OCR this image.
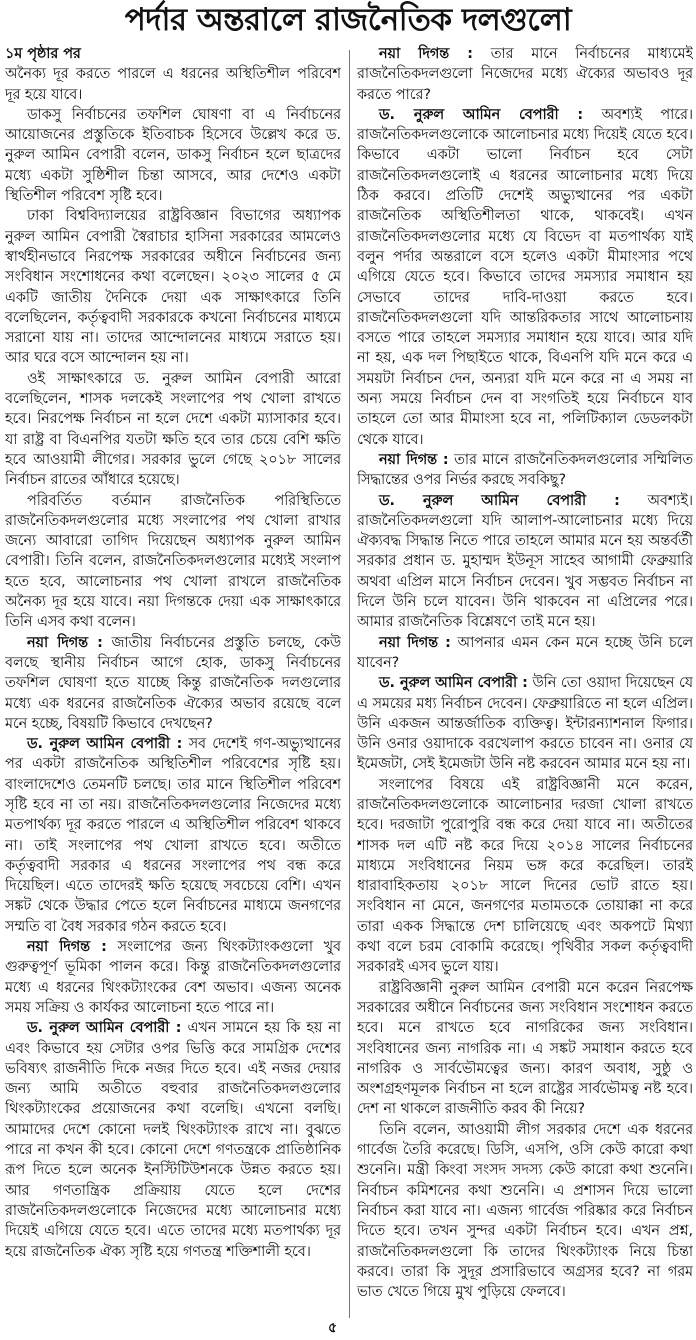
পর্দার অন্তরালে রাজনৈতিক দলগুলো

১ম পৃষ্ঠার পর

অনৈক্য দূর করতে পারলে এ ধরনের অস্থিতিশীল পরিবেশ দূর হয়ে যাবে।

ডাকসু নির্বাচনের তফশিল ঘোষণা বা এ নির্বাচনের আয়োজনের প্রস্তুতিকে ইতিবাচক হিসেবে উল্লেখ করে ড. নুরুল আমিন বেপারী বলেন, ডাকসু নির্বাচন হলে ছাত্রদের মধ্যে একটা সুষ্ঠিশীল চিন্তা আসবে, আর দেশেও একটা স্থিতিশীল পরিবেশ সৃষ্টি হবে।

ঢাকা বিশ্ববিদ্যালয়ের রাষ্ট্রবিজ্ঞান বিভাগের অধ্যাপক নুরুল আমিন বেপারী স্বৈরাচার হাসিনা সরকারের আমলেও স্বার্থহীনভাবে নিরপেক্ষ সরকারের অধীনে নির্বাচনের জন্য সংবিধান সংশোধনের কথা বলেছেন। ২০২৩ সালের ৫ মে একটি জাতীয় দৈনিকে দেয়া এক সাক্ষাৎকারে তিনি বলেছিলেন, কর্তৃত্ববাদী সরকারকে কখনো নির্বাচনের মাধ্যমে সরানো যায় না। তাদের আন্দোলনের মাধ্যমে সরাতে হয়। আর ঘরে বসে আন্দোলন হয় না।

ওই সাক্ষাৎকারে ড. নুরুল আমিন বেপারী আরো বলেছিলেন, শাসক দলকেই সংলাপের পথ খোলা রাখতে হবে। নিরপেক্ষ নির্বাচন না হলে দেশে একটা ম্যাসাকার হবে। যা রাষ্ট্র বা বিএনপির যতটা ক্ষতি হবে তার চেয়ে বেশি ক্ষতি হবে আওয়ামী লীগের। সরকার ভুলে গেছে ২০১৮ সালের নির্বাচন রাতের আঁধারে হয়েছে।

পরিবর্তিত বর্তমান রাজনৈতিক পরিস্থিতিতে রাজনৈতিকদলগুলোর মধ্যে সংলাপের পথ খোলা রাখার জন্যে আবারো তাগিদ দিয়েছেন অধ্যাপক নুরুল আমিন বেপারী। তিনি বলেন, রাজনৈতিকদলগুলোর মধ্যেই সংলাপ হতে হবে, আলোচনার পথ খোলা রাখলে রাজনৈতিক অনৈক্য দূর হয়ে যাবে। নয়া দিগন্তকে দেয়া এক সাক্ষাৎকারে তিনি এসব কথা বলেন।

নয়া দিগন্ত : জাতীয় নির্বাচনের প্রস্তুতি চলছে, কেউ বলছে স্থানীয় নির্বাচন আগে হোক, ডাকসু নির্বাচনের তফশিল ঘোষণা হতে যাচ্ছে কিন্তু রাজনৈতিক দলগুলোর মধ্যে এক ধরনের রাজনৈতিক ঐক্যের অভাব রয়েছে বলে মনে হচ্ছে, বিষয়টি কিভাবে দেখছেন?

ড. নুরুল আমিন বেপারী : সব দেশেই গণ-অভ্যুত্থানের পর একটা রাজনৈতিক অস্থিতিশীল পরিবেশের সৃষ্টি হয়। বাংলাদেশেও তেমনটি চলছে। তার মানে স্থিতিশীল পরিবেশ সৃষ্টি হবে না তা নয়। রাজনৈতিকদলগুলোর নিজেদের মধ্যে মতপার্থক্য দূর করতে পারলে এ অস্থিতিশীল পরিবেশ থাকবে না। তাই সংলাপের পথ খোলা রাখতে হবে। অতীতে কর্তৃত্ববাদী সরকার এ ধরনের সংলাপের পথ বন্ধ করে দিয়েছিল। এতে তাদেরই ক্ষতি হয়েছে সবচেয়ে বেশি। এখন সঙ্কট থেকে উদ্ধার পেতে হলে নির্বাচনের মাধ্যমে জনগণের সম্মতি বা বৈধ সরকার গঠন করতে হবে।

নয়া দিগন্ত : সংলাপের জন্য থিংকট্যাংকগুলো খুব গুরুত্বপূর্ণ ভূমিকা পালন করে। কিন্তু রাজনৈতিকদলগুলোর মধ্যে এ ধরনের থিংকট্যাংকের বেশ অভাব। এজন্য অনেক সময় সক্রিয় ও কার্যকর আলোচনা হতে পারে না।

ড. নুরুল আমিন বেপারী : এখন সামনে হয় কি হয় না এবং কিভাবে হয় সেটার ওপর ভিত্তি করে সামগ্রিক দেশের ভবিষ্যৎ রাজনীতি দিকে নজর দিতে হবে। এই নজর দেয়ার জন্য আমি অতীতে বহুবার রাজনৈতিকদলগুলোর থিংকট্যাংকের প্রয়োজনের কথা বলেছি। এখনো বলছি। আমাদের দেশে কোনো দলই থিংকট্যাংক রাখে না। বুঝতে পারে না কখন কী হবে। কোনো দেশে গণতন্ত্রকে প্রাতিষ্ঠানিক রূপ দিতে হলে অনেক ইনস্টিটিউশনকে উন্নত করতে হয়। আর গণতান্ত্রিক প্রক্রিয়ায় যেতে হলে দেশের রাজনৈতিকদলগুলোকে নিজেদের মধ্যে আলোচনার মধ্যে দিয়েই এগিয়ে যেতে হবে। এতে তাদের মধ্যে মতপার্থক্য দূর হয়ে রাজনৈতিক ঐক্য সৃষ্টি হয়ে গণতন্ত্র শক্তিশালী হবে।

নয়া দিগন্ত : তার মানে নির্বাচনের মাধ্যমেই রাজনৈতিকদলগুলো নিজেদের মধ্যে ঐক্যের অভাবও দূর করতে পারে?

ড. নুরুল আমিন বেপারী : অবশ্যই পারে। রাজনৈতিকদলগুলোকে আলোচনার মধ্যে দিয়েই যেতে হবে। কিভাবে একটা ভালো নির্বাচন হবে সেটা রাজনৈতিকদলগুলোই এ ধরনের আলোচনার মধ্যে দিয়ে ঠিক করবে। প্রতিটি দেশেই অভ্যুত্থানের পর একটা রাজনৈতিক অস্থিতিশীলতা থাকে, থাকবেই। এখন রাজনৈতিকদলগুলোর মধ্যে যে বিভেদ বা মতপার্থক্য যাই বলুন পর্দার অন্তরালে বসে হলেও একটা মীমাংসার পথে এগিয়ে যেতে হবে। কিভাবে তাদের সমস্যার সমাধান হয় সেভাবে তাদের দাবি-দাওয়া করতে হবে। রাজনৈতিকদলগুলো যদি আন্তরিকতার সাথে আলোচনায় বসতে পারে তাহলে সমস্যার সমাধান হয়ে যাবে। আর যদি না হয়, এক দল পিছাইতে থাকে, বিএনপি যদি মনে করে এ সময়টা নির্বাচন দেন, অন্যরা যদি মনে করে না এ সময় না অন্য সময়ে নির্বাচন দেন বা সংগতিই হয়ে নির্বাচনে যাব তাহলে তো আর মীমাংসা হবে না, পলিটিক্যাল ডেডলকটা থেকে যাবে।

নয়া দিগন্ত : তার মানে রাজনৈতিকদলগুলোর সম্মিলিত সিদ্ধান্তের ওপর নির্ভর করছে সবকিছু?

ড. নুরুল আমিন বেপারী : অবশ্যই। রাজনৈতিকদলগুলো যদি আলাপ-আলোচনার মধ্যে দিয়ে ঐক্যবদ্ধ সিদ্ধান্ত নিতে পারে তাহলে আমার মনে হয় অন্তর্বর্তী সরকার প্রধান ড. মুহাম্মদ ইউনূস সাহেব আগামী ফেব্রুয়ারি অথবা এপ্রিল মাসে নির্বাচন দেবেন। খুব সম্ভবত নির্বাচন না দিলে উনি চলে যাবেন। উনি থাকবেন না এপ্রিলের পরে। আমার রাজনৈতিক বিশ্লেষণে তাই মনে হয়।

নয়া দিগন্ত : আপনার এমন কেন মনে হচ্ছে উনি চলে যাবেন?

ড. নুরুল আমিন বেপারী : উনি তো ওয়াদা দিয়েছেন যে এ সময়ের মধ্য নির্বাচন দেবেন। ফেব্রুয়ারিতে না হলে এপ্রিল। উনি একজন আন্তর্জাতিক ব্যক্তিত্ব। ইন্টারন্যাশনাল ফিগার। উনি ওনার ওয়াদাকে বরখেলাপ করতে চাবেন না। ওনার যে ইমেজটা, সেই ইমেজটা উনি নষ্ট করবেন আমার মনে হয় না।

সংলাপের বিষয়ে এই রাষ্ট্রবিজ্ঞানী মনে করেন, রাজনৈতিকদলগুলোকে আলোচনার দরজা খোলা রাখতে হবে। দরজাটা পুরোপুরি বন্ধ করে দেয়া যাবে না। অতীতের শাসক দল এটি নষ্ট করে দিয়ে ২০১৪ সালের নির্বাচনের মাধ্যমে সংবিধানের নিয়ম ভঙ্গ করে করেছিল। তারই ধারাবাহিকতায় ২০১৮ সালে দিনের ভোট রাতে হয়। সংবিধান না মেনে, জনগণের মতামতকে তোয়াক্কা না করে তারা একক সিদ্ধান্তে দেশ চালিয়েছে এবং অকপটে মিথ্যা কথা বলে চরম বোকামি করেছে। পৃথিবীর সকল কর্তৃত্ববাদী সরকারই এসব ভুলে যায়।

রাষ্ট্রবিজ্ঞানী নুরুল আমিন বেপারী মনে করেন নিরপেক্ষ সরকারের অধীনে নির্বাচনের জন্য সংবিধান সংশোধন করতে হবে। মনে রাখতে হবে নাগরিকের জন্য সংবিধান। সংবিধানের জন্য নাগরিক না। এ সঙ্কট সমাধান করতে হবে নাগরিক ও সার্বভৌমত্বের জন্য। কারণ অবাধ, সুষ্ঠু ও অংশগ্রহণমূলক নির্বাচন না হলে রাষ্ট্রের সার্বভৌমত্ব নষ্ট হবে। দেশ না থাকলে রাজনীতি করব কী নিয়ে?

তিনি বলেন, আওয়ামী লীগ সরকার দেশে এক ধরনের গার্বেজ তৈরি করেছে। ডিসি, এসপি, ওসি কেউ কারো কথা শুনেনি। মন্ত্রী কিংবা সংসদ সদস্য কেউ কারো কথা শুনেনি। নির্বাচন কমিশনের কথা শুনেনি। এ প্রশাসন দিয়ে ভালো নির্বাচন করা যাবে না। এজন্য গার্বেজ পরিষ্কার করে নির্বাচন দিতে হবে। তখন সুন্দর একটা নির্বাচন হবে। এখন প্রশ্ন, রাজনৈতিকদলগুলো কি তাদের থিংকট্যাংক নিয়ে চিন্তা করবে। তারা কি সুদূর প্রসারিভাবে অগ্রসর হবে? না গরম ভাত খেতে গিয়ে মুখ পুড়িয়ে ফেলবে।

৫
